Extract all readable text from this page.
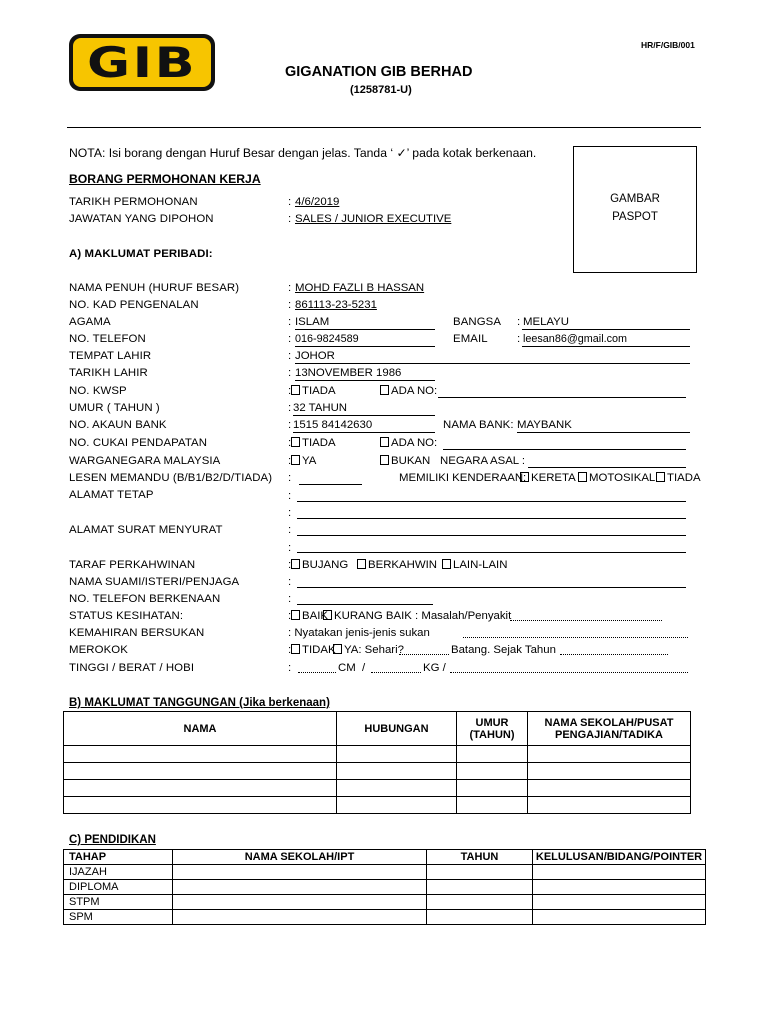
GIB	HR/F/GIB/001
GIGANATION GIB BERHAD
(1258781-U)
NOTA: Isi borang dengan Huruf Besar dengan jelas. Tanda ‘ ✓’ pada kotak berkenaan.
BORANG PERMOHONAN KERJA
GAMBAR
PASPOT
TARIKH PERMOHONAN	: 4/6/2019
JAWATAN YANG DIPOHON	: SALES / JUNIOR EXECUTIVE
A) MAKLUMAT PERIBADI:
NAMA PENUH (HURUF BESAR)	: MOHD FAZLI B HASSAN
NO. KAD PENGENALAN	: 861113-23-5231
AGAMA	: ISLAM	BANGSA : MELAYU
NO. TELEFON	: 016-9824589	EMAIL	: leesan86@gmail.com
TEMPAT LAHIR	: JOHOR
TARIKH LAHIR	: 13NOVEMBER 1986
NO. KWSP	: TIADA	ADA NO:
UMUR ( TAHUN )	: 32 TAHUN
NO. AKAUN BANK	: 1515 84142630	NAMA BANK: MAYBANK
NO. CUKAI PENDAPATAN	: TIADA	ADA NO:
WARGANEGARA MALAYSIA	: YA	BUKAN NEGARA ASAL :
LESEN MEMANDU (B/B1/B2/D/TIADA) :	MEMILIKI KENDERAAN: KERETA	MOTOSIKAL	TIADA
ALAMAT TETAP	:
:
ALAMAT SURAT MENYURAT	:
:
TARAF PERKAHWINAN	: BUJANG	BERKAHWIN	LAIN-LAIN
NAMA SUAMI/ISTERI/PENJAGA	:
NO. TELEFON BERKENAAN	:
STATUS KESIHATAN:	: BAIK KURANG BAIK : Masalah/Penyakit
KEMAHIRAN BERSUKAN	: Nyatakan jenis-jenis sukan
MEROKOK	: TIDAK YA: Sehari?	Batang. Sejak Tahun
TINGGI / BERAT / HOBI	:	CM /	KG /
B) MAKLUMAT TANGGUNGAN (Jika berkenaan)
NAMA	HUBUNGAN	UMUR (TAHUN)	NAMA SEKOLAH/PUSAT PENGAJIAN/TADIKA

C) PENDIDIKAN
TAHAP	NAMA SEKOLAH/IPT	TAHUN	KELULUSAN/BIDANG/POINTER
IJAZAH			
DIPLOMA			
STPM			
SPM			
